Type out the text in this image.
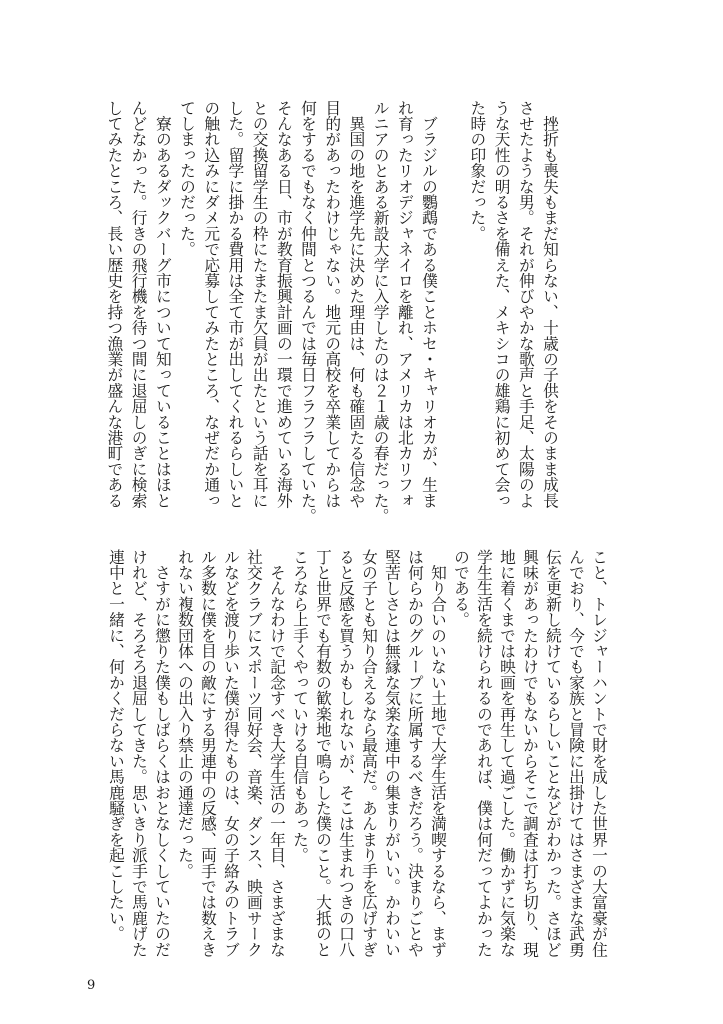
　挫折も喪失もまだ知らない、十歳の子供をそのまま成長
させたような男。それが伸びやかな歌声と手足、太陽のよ
うな天性の明るさを備えた、メキシコの雄鶏に初めて会っ
た時の印象だった。
　ブラジルの鸚鵡である僕ことホセ・キャリオカが、生ま
れ育ったリオデジャネイロを離れ、アメリカは北カリフォ
ルニアのとある新設大学に入学したのは２１歳の春だった。
　異国の地を進学先に決めた理由は、何も確固たる信念や
目的があったわけじゃない。地元の高校を卒業してからは
何をするでもなく仲間とつるんでは毎日フラフラしていた。
そんなある日、市が教育振興計画の一環で進めている海外
との交換留学生の枠にたまたま欠員が出たという話を耳に
した。留学に掛かる費用は全て市が出してくれるらしいと
の触れ込みにダメ元で応募してみたところ、なぜだか通っ
てしまったのだった。
　寮のあるダックバーグ市について知っていることはほと
んどなかった。行きの飛行機を待つ間に退屈しのぎに検索
してみたところ、長い歴史を持つ漁業が盛んな港町である
こと、トレジャーハントで財を成した世界一の大富豪が住
んでおり、今でも家族と冒険に出掛けてはさまざまな武勇
伝を更新し続けているらしいことなどがわかった。さほど
興味があったわけでもないからそこで調査は打ち切り、現
地に着くまでは映画を再生して過ごした。働かずに気楽な
学生生活を続けられるのであれば、僕は何だってよかった
のである。
　知り合いのいない土地で大学生活を満喫するなら、まず
は何らかのグループに所属するべきだろう。決まりごとや
堅苦しさとは無縁な気楽な連中の集まりがいい。かわいい
女の子とも知り合えるなら最高だ。あんまり手を広げすぎ
ると反感を買うかもしれないが、そこは生まれつきの口八
丁と世界でも有数の歓楽地で鳴らした僕のこと。大抵のと
ころなら上手くやっていける自信もあった。
　そんなわけで記念すべき大学生活の一年目、さまざまな
社交クラブにスポーツ同好会、音楽、ダンス、映画サーク
ルなどを渡り歩いた僕が得たものは、女の子絡みのトラブ
ル多数に僕を目の敵にする男連中の反感、両手では数えき
れない複数団体への出入り禁止の通達だった。
　さすがに懲りた僕もしばらくはおとなしくしていたのだ
けれど、そろそろ退屈してきた。思いきり派手で馬鹿げた
連中と一緒に、何かくだらない馬鹿騒ぎを起こしたい。
9
